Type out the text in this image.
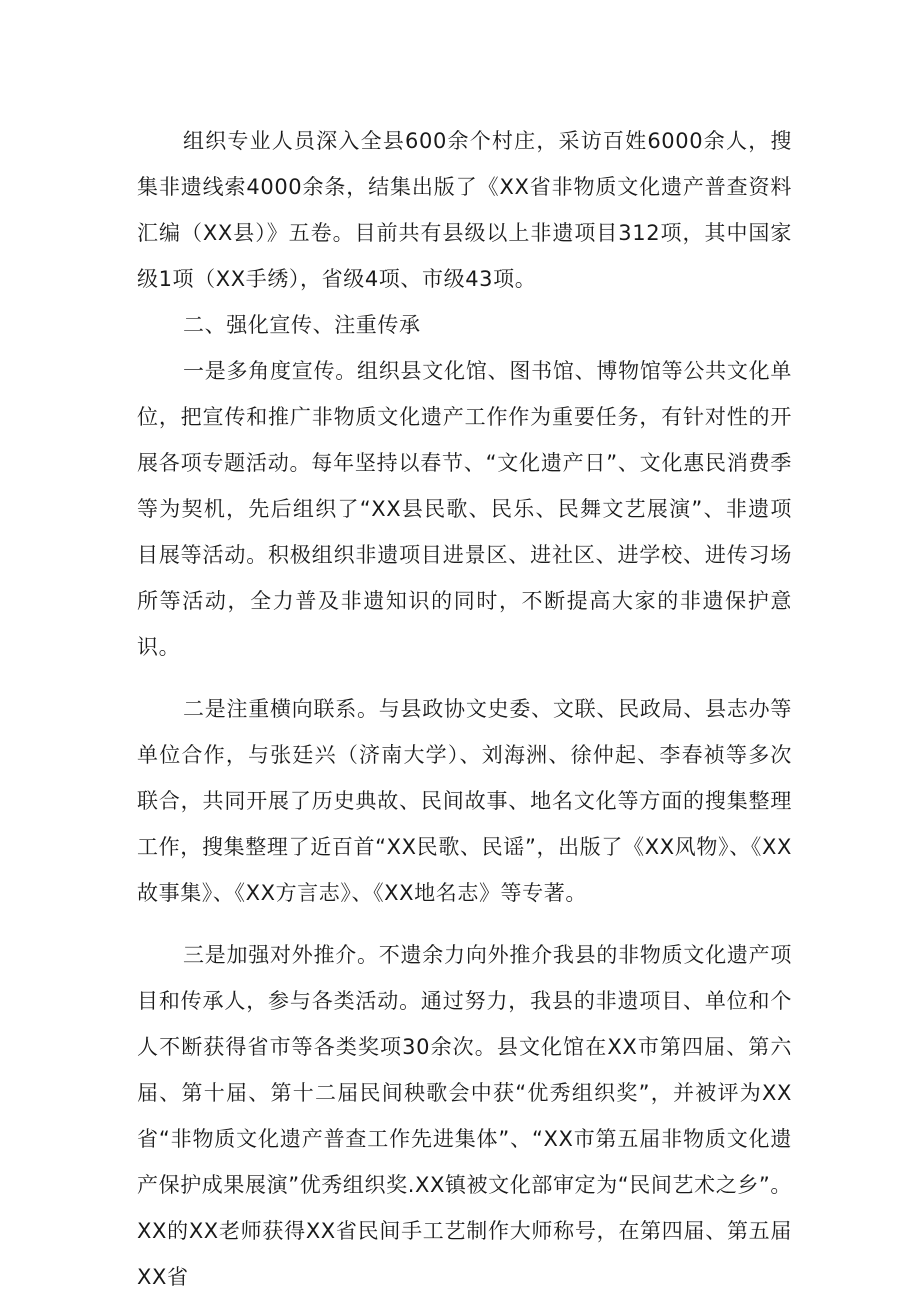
组织专业人员深入全县600余个村庄，采访百姓6000余人，搜集非遗线索4000余条，结集出版了《XX省非物质文化遗产普查资料汇编（XX县）》五卷。目前共有县级以上非遗项目312项，其中国家级1项（XX手绣），省级4项、市级43项。

二、强化宣传、注重传承

一是多角度宣传。组织县文化馆、图书馆、博物馆等公共文化单位，把宣传和推广非物质文化遗产工作作为重要任务，有针对性的开展各项专题活动。每年坚持以春节、“文化遗产日”、文化惠民消费季等为契机，先后组织了“XX县民歌、民乐、民舞文艺展演”、非遗项目展等活动。积极组织非遗项目进景区、进社区、进学校、进传习场所等活动，全力普及非遗知识的同时，不断提高大家的非遗保护意识。

二是注重横向联系。与县政协文史委、文联、民政局、县志办等单位合作，与张廷兴（济南大学）、刘海洲、徐仲起、李春祯等多次联合，共同开展了历史典故、民间故事、地名文化等方面的搜集整理工作，搜集整理了近百首“XX民歌、民谣”，出版了《XX风物》、《XX故事集》、《XX方言志》、《XX地名志》等专著。

三是加强对外推介。不遗余力向外推介我县的非物质文化遗产项目和传承人，参与各类活动。通过努力，我县的非遗项目、单位和个人不断获得省市等各类奖项30余次。县文化馆在XX市第四届、第六届、第十届、第十二届民间秧歌会中获“优秀组织奖”，并被评为XX省“非物质文化遗产普查工作先进集体”、“XX市第五届非物质文化遗产保护成果展演”优秀组织奖.XX镇被文化部审定为“民间艺术之乡”。XX的XX老师获得XX省民间手工艺制作大师称号，在第四届、第五届XX省
